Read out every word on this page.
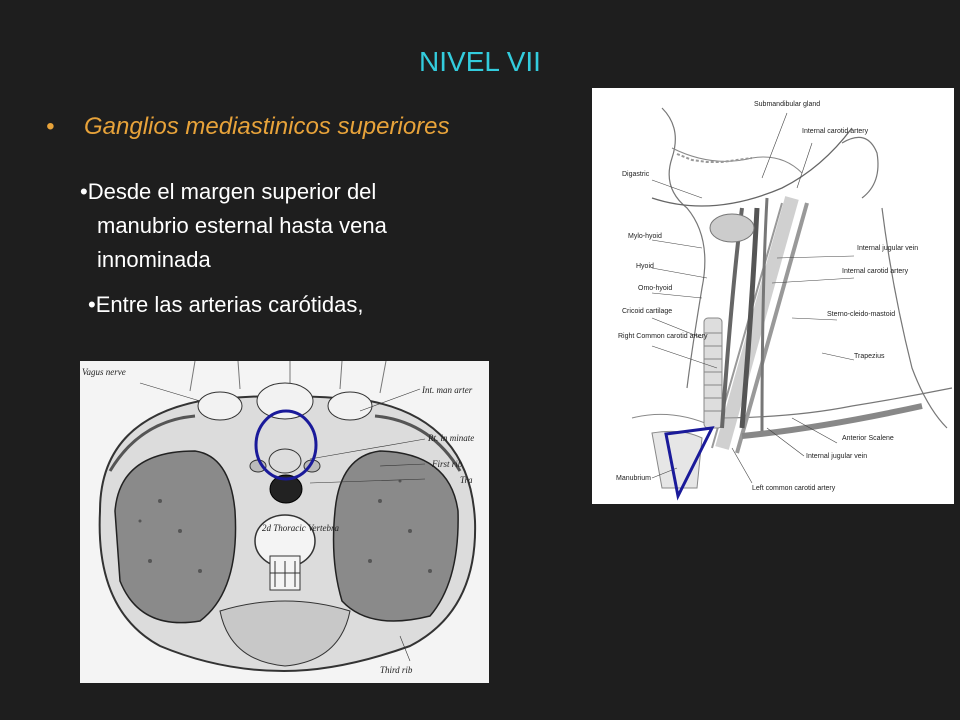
NIVEL VII
• Ganglios mediastinicos superiores
•Desde el margen superior del
manubrio esternal hasta vena
innominada
•Entre las arterias carótidas,
Submandibular gland
Internal carotid artery
Digastric
Mylo-hyoid
Internal jugular vein
Hyoid
Internal carotid artery
Omo-hyoid
Cricoid cartilage	Sterno-cleido-mastoid
Right Common carotid artery
Trapezius
Anterior Scalene
Internal jugular vein
Manubrium
Left common carotid artery
Vagus nerve
Int. man arter
Rt. in minate
First rib
Tra
2d Thoracic Vertebra
Third rib
